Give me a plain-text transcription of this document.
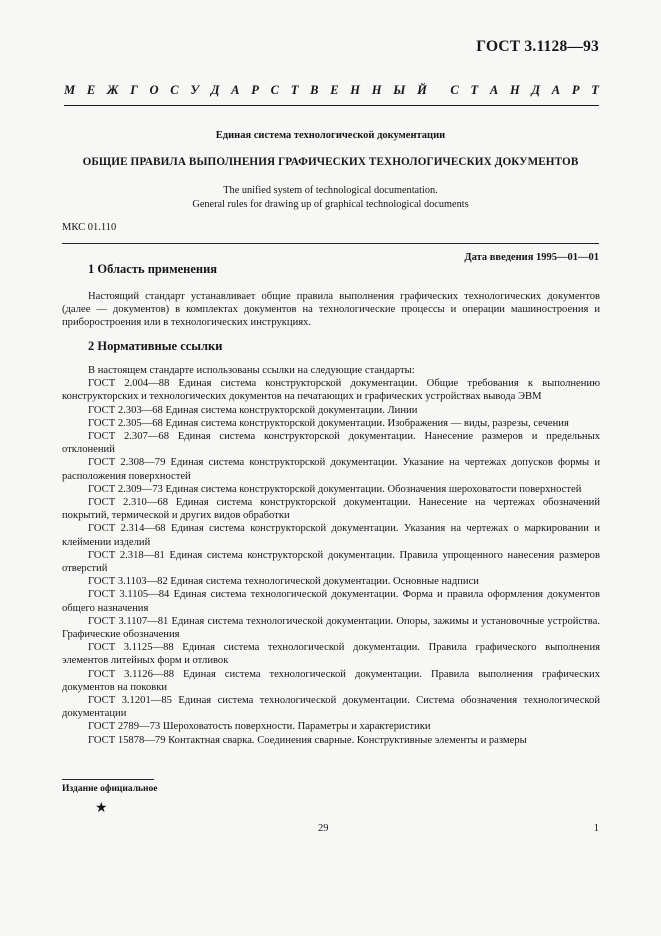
ГОСТ 3.1128—93
М Е Ж Г О С У Д А Р С Т В Е Н Н Ы Й С Т А Н Д А Р Т
Единая система технологической документации
ОБЩИЕ ПРАВИЛА ВЫПОЛНЕНИЯ ГРАФИЧЕСКИХ ТЕХНОЛОГИЧЕСКИХ ДОКУМЕНТОВ
The unified system of technological documentation.
General rules for drawing up of graphical technological documents
МКС 01.110
Дата введения 1995—01—01
1 Область применения
Настоящий стандарт устанавливает общие правила выполнения графических технологических документов (далее — документов) в комплектах документов на технологические процессы и операции машиностроения и приборостроения или в технологических инструкциях.
2 Нормативные ссылки

В настоящем стандарте использованы ссылки на следующие стандарты:

ГОСТ 2.004—88 Единая система конструкторской документации. Общие требования к выполнению конструкторских и технологических документов на печатающих и графических устройствах вывода ЭВМ

ГОСТ 2.303—68 Единая система конструкторской документации. Линии

ГОСТ 2.305—68 Единая система конструкторской документации. Изображения — виды, разрезы, сечения

ГОСТ 2.307—68 Единая система конструкторской документации. Нанесение размеров и предельных отклонений

ГОСТ 2.308—79 Единая система конструкторской документации. Указание на чертежах допусков формы и расположения поверхностей

ГОСТ 2.309—73 Единая система конструкторской документации. Обозначения шероховатости поверхностей

ГОСТ 2.310—68 Единая система конструкторской документации. Нанесение на чертежах обозначений покрытий, термической и других видов обработки

ГОСТ 2.314—68 Единая система конструкторской документации. Указания на чертежах о маркировании и клеймении изделий

ГОСТ 2.318—81 Единая система конструкторской документации. Правила упрощенного нанесения размеров отверстий

ГОСТ 3.1103—82 Единая система технологической документации. Основные надписи

ГОСТ 3.1105—84 Единая система технологической документации. Форма и правила оформления документов общего назначения

ГОСТ 3.1107—81 Единая система технологической документации. Опоры, зажимы и установочные устройства. Графические обозначения

ГОСТ 3.1125—88 Единая система технологической документации. Правила графического выполнения элементов литейных форм и отливок

ГОСТ 3.1126—88 Единая система технологической документации. Правила выполнения графических документов на поковки

ГОСТ 3.1201—85 Единая система технологической документации. Система обозначения технологической документации

ГОСТ 2789—73 Шероховатость поверхности. Параметры и характеристики

ГОСТ 15878—79 Контактная сварка. Соединения сварные. Конструктивные элементы и размеры

Издание официальное
★
29	1
